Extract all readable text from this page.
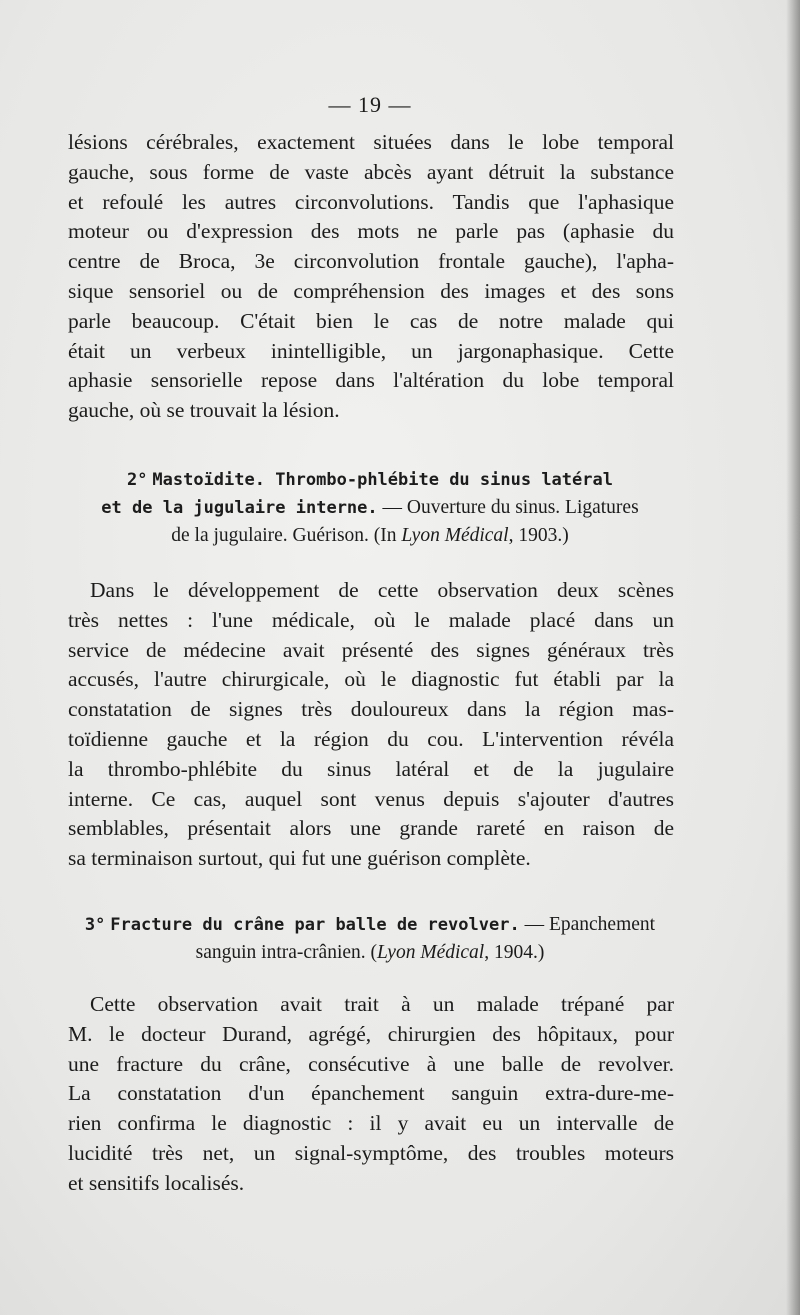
— 19 —
lésions cérébrales, exactement situées dans le lobe temporal
gauche, sous forme de vaste abcès ayant détruit la substance
et refoulé les autres circonvolutions. Tandis que l'aphasique
moteur ou d'expression des mots ne parle pas (aphasie du
centre de Broca, 3e circonvolution frontale gauche), l'apha-
sique sensoriel ou de compréhension des images et des sons
parle beaucoup. C'était bien le cas de notre malade qui
était un verbeux inintelligible, un jargonaphasique. Cette
aphasie sensorielle repose dans l'altération du lobe temporal
gauche, où se trouvait la lésion.
2° Mastoïdite. Thrombo-phlébite du sinus latéral
et de la jugulaire interne. — Ouverture du sinus. Ligatures
de la jugulaire. Guérison. (In Lyon Médical, 1903.)
Dans le développement de cette observation deux scènes
très nettes : l'une médicale, où le malade placé dans un
service de médecine avait présenté des signes généraux très
accusés, l'autre chirurgicale, où le diagnostic fut établi par la
constatation de signes très douloureux dans la région mas-
toïdienne gauche et la région du cou. L'intervention révéla
la thrombo-phlébite du sinus latéral et de la jugulaire
interne. Ce cas, auquel sont venus depuis s'ajouter d'autres
semblables, présentait alors une grande rareté en raison de
sa terminaison surtout, qui fut une guérison complète.
3° Fracture du crâne par balle de revolver. — Epanchement
sanguin intra-crânien. (Lyon Médical, 1904.)
Cette observation avait trait à un malade trépané par
M. le docteur Durand, agrégé, chirurgien des hôpitaux, pour
une fracture du crâne, consécutive à une balle de revolver.
La constatation d'un épanchement sanguin extra-dure-me-
rien confirma le diagnostic : il y avait eu un intervalle de
lucidité très net, un signal-symptôme, des troubles moteurs
et sensitifs localisés.
